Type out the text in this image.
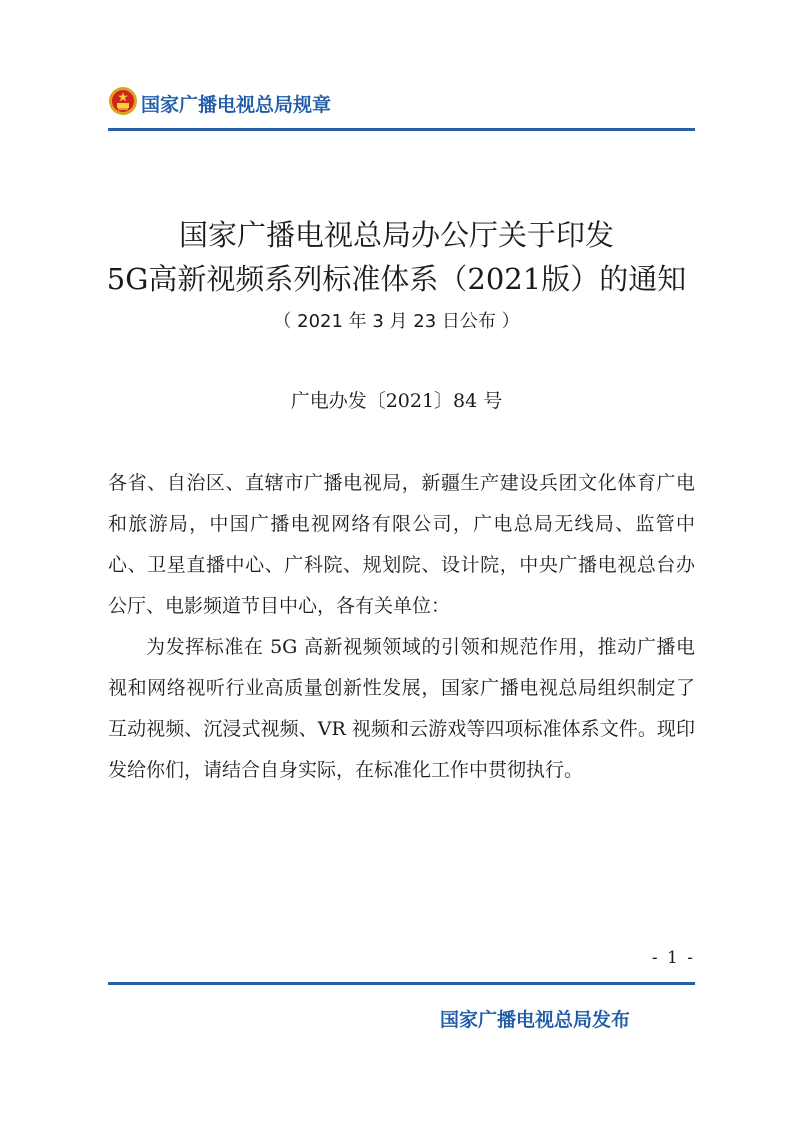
国家广播电视总局规章
国家广播电视总局办公厅关于印发
5G高新视频系列标准体系（2021版）的通知
（ 2021 年 3 月 23 日公布 ）
广电办发〔2021〕84 号

各省、自治区、直辖市广播电视局，新疆生产建设兵团文化体育广电和旅游局，中国广播电视网络有限公司，广电总局无线局、监管中心、卫星直播中心、广科院、规划院、设计院，中央广播电视总台办公厅、电影频道节目中心，各有关单位：

为发挥标准在 5G 高新视频领域的引领和规范作用，推动广播电视和网络视听行业高质量创新性发展，国家广播电视总局组织制定了互动视频、沉浸式视频、VR 视频和云游戏等四项标准体系文件。现印发给你们，请结合自身实际，在标准化工作中贯彻执行。

- 1 -
国家广播电视总局发布
